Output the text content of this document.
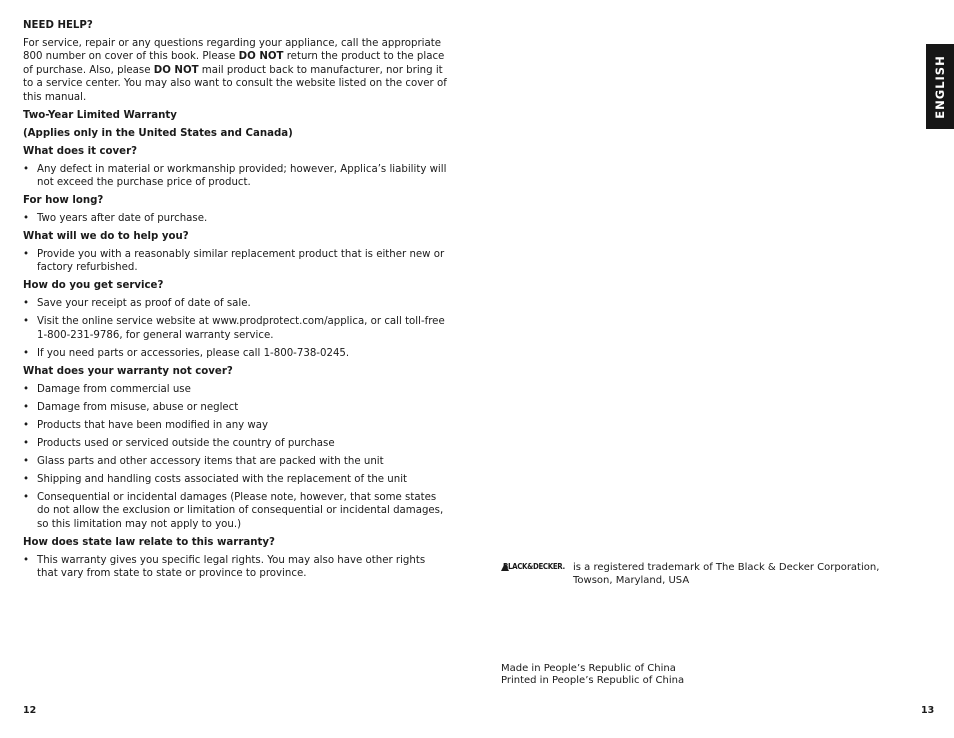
NEED HELP?
For service, repair or any questions regarding your appliance, call the appropriate 800 number on cover of this book. Please DO NOT return the product to the place of purchase. Also, please DO NOT mail product back to manufacturer, nor bring it to a service center. You may also want to consult the website listed on the cover of this manual.
Two-Year Limited Warranty
(Applies only in the United States and Canada)
What does it cover?
• Any defect in material or workmanship provided; however, Applica’s liability will not exceed the purchase price of product.
For how long?
• Two years after date of purchase.
What will we do to help you?
• Provide you with a reasonably similar replacement product that is either new or factory refurbished.
How do you get service?
• Save your receipt as proof of date of sale.
• Visit the online service website at www.prodprotect.com/applica, or call toll-free 1-800-231-9786, for general warranty service.
• If you need parts or accessories, please call 1-800-738-0245.
What does your warranty not cover?
• Damage from commercial use
• Damage from misuse, abuse or neglect
• Products that have been modified in any way
• Products used or serviced outside the country of purchase
• Glass parts and other accessory items that are packed with the unit
• Shipping and handling costs associated with the replacement of the unit
• Consequential or incidental damages (Please note, however, that some states do not allow the exclusion or limitation of consequential or incidental damages, so this limitation may not apply to you.)
How does state law relate to this warranty?
• This warranty gives you specific legal rights. You may also have other rights that vary from state to state or province to province.
12
ENGLISH
BLACK&DECKER. is a registered trademark of The Black & Decker Corporation,
Towson, Maryland, USA
Made in People’s Republic of China
Printed in People’s Republic of China
13
